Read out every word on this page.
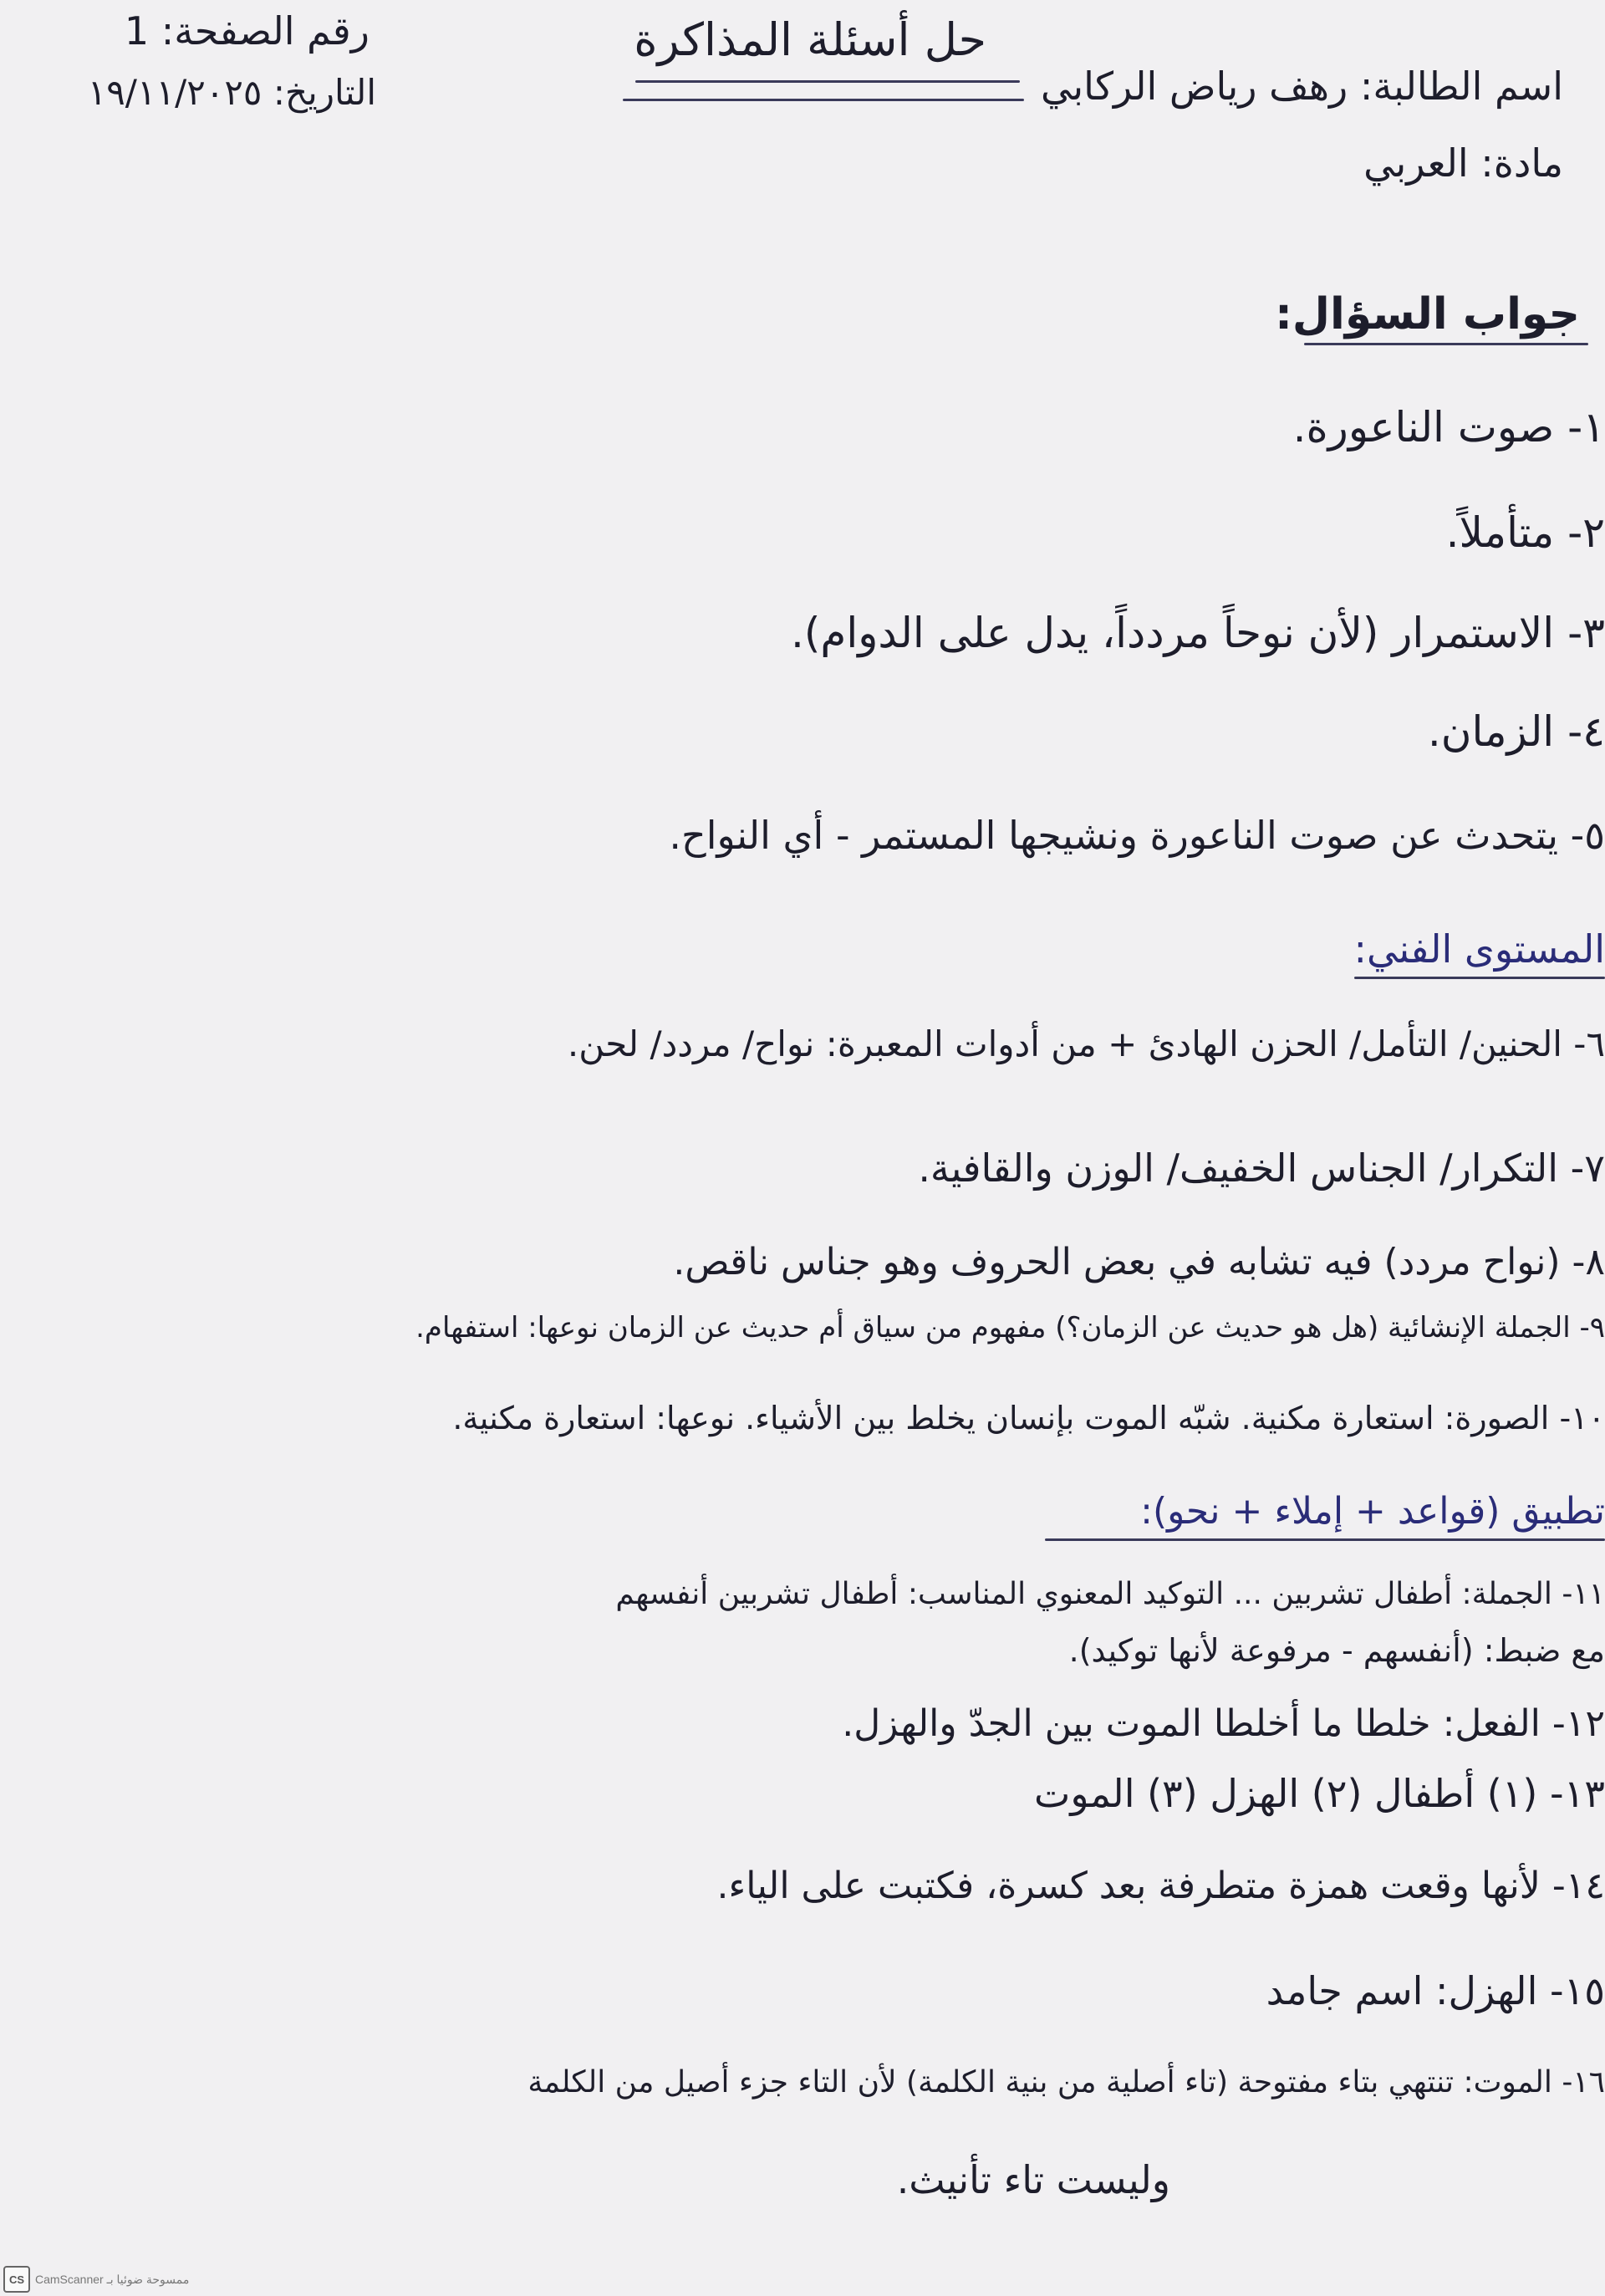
رقم الصفحة: 1
التاريخ: ١٩/١١/٢٠٢٥
حل أسئلة المذاكرة
اسم الطالبة: رهف رياض الركابي
مادة: العربي
جواب السؤال:
١- صوت الناعورة.
٢- متأملاً.
٣- الاستمرار (لأن نوحاً مردداً، يدل على الدوام).
٤- الزمان.
٥- يتحدث عن صوت الناعورة ونشيجها المستمر - أي النواح.
المستوى الفني:
٦- الحنين/ التأمل/ الحزن الهادئ + من أدوات المعبرة: نواح/ مردد/ لحن.
٧- التكرار/ الجناس الخفيف/ الوزن والقافية.
٨- (نواح مردد) فيه تشابه في بعض الحروف وهو جناس ناقص.
٩- الجملة الإنشائية (هل هو حديث عن الزمان؟) مفهوم من سياق أم حديث عن الزمان نوعها: استفهام.
١٠- الصورة: استعارة مكنية. شبّه الموت بإنسان يخلط بين الأشياء. نوعها: استعارة مكنية.
تطبيق (قواعد + إملاء + نحو):
١١- الجملة: أطفال تشربين ... التوكيد المعنوي المناسب: أطفال تشربين أنفسهم
مع ضبط: (أنفسهم - مرفوعة لأنها توكيد).
١٢- الفعل: خلطا ما أخلطا الموت بين الجدّ والهزل.
١٣- (١) أطفال (٢) الهزل (٣) الموت
١٤- لأنها وقعت همزة متطرفة بعد كسرة، فكتبت على الياء.
١٥- الهزل: اسم جامد
١٦- الموت: تنتهي بتاء مفتوحة (تاء أصلية من بنية الكلمة) لأن التاء جزء أصيل من الكلمة
وليست تاء تأنيث.
CS CamScanner ممسوحة ضوئيا بـ
